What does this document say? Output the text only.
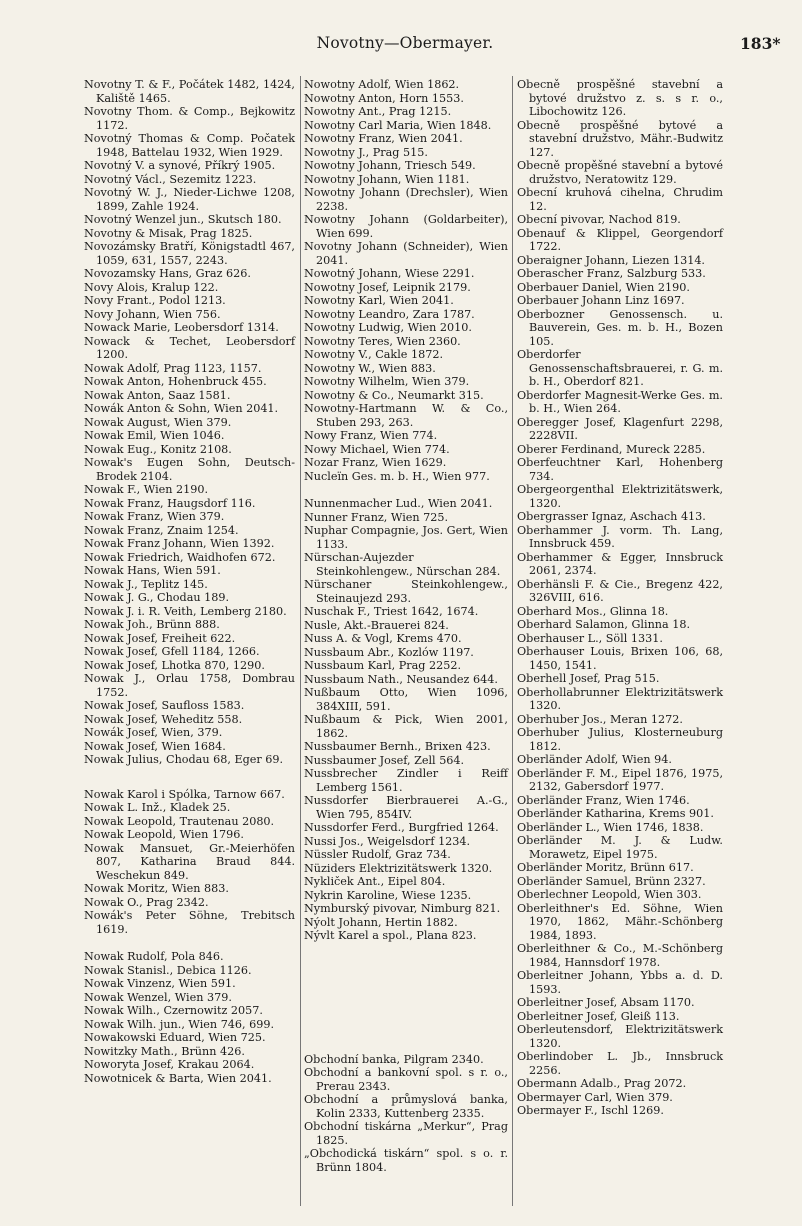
Novotny—Obermayer.	183*

Novotny T. & F., Počátek 1482, 1424, Kaliště 1465.

Novotny Thom. & Comp., Bejkowitz 1172.

Novotný Thomas & Comp. Počatek 1948, Battelau 1932, Wien 1929.

Novotný V. a synové, Příkrý 1905.

Novotný Václ., Sezemitz 1223.

Novotný W. J., Nieder-Lichwe 1208, 1899, Zahle 1924.

Novotný Wenzel jun., Skutsch 180.

Novotny & Misak, Prag 1825.

Novozámsky Bratří, Königstadtl 467, 1059, 631, 1557, 2243.

Novozamsky Hans, Graz 626.

Novy Alois, Kralup 122.

Novy Frant., Podol 1213.

Novy Johann, Wien 756.

Nowack Marie, Leobersdorf 1314.

Nowack & Techet, Leobersdorf 1200.

Nowak Adolf, Prag 1123, 1157.

Nowak Anton, Hohenbruck 455.

Nowak Anton, Saaz 1581.

Nowák Anton & Sohn, Wien 2041.

Nowak August, Wien 379.

Nowak Emil, Wien 1046.

Nowak Eug., Konitz 2108.

Nowak's Eugen Sohn, Deutsch-Brodek 2104.

Nowak F., Wien 2190.

Nowak Franz, Haugsdorf 116.

Nowak Franz, Wien 379.

Nowak Franz, Znaim 1254.

Nowak Franz Johann, Wien 1392.

Nowak Friedrich, Waidhofen 672.

Nowak Hans, Wien 591.

Nowak J., Teplitz 145.

Nowak J. G., Chodau 189.

Nowak J. i. R. Veith, Lemberg 2180.

Nowak Joh., Brünn 888.

Nowak Josef, Freiheit 622.

Nowak Josef, Gfell 1184, 1266.

Nowak Josef, Lhotka 870, 1290.

Nowak J., Orlau 1758, Dombrau 1752.

Nowak Josef, Saufloss 1583.

Nowak Josef, Weheditz 558.

Nowák Josef, Wien, 379.

Nowak Josef, Wien 1684.

Nowak Julius, Chodau 68, Eger 69.

Nowak Karol i Spólka, Tarnow 667.

Nowak L. Inž., Kladek 25.

Nowak Leopold, Trautenau 2080.

Nowak Leopold, Wien 1796.

Nowak Mansuet, Gr.-Meierhöfen 807, Katharina Braud 844. Weschekun 849.

Nowak Moritz, Wien 883.

Nowak O., Prag 2342.

Nowák's Peter Söhne, Trebitsch 1619.

Nowak Rudolf, Pola 846.

Nowak Stanisl., Debica 1126.

Nowak Vinzenz, Wien 591.

Nowak Wenzel, Wien 379.

Nowak Wilh., Czernowitz 2057.

Nowak Wilh. jun., Wien 746, 699.

Nowakowski Eduard, Wien 725.

Nowitzky Math., Brünn 426.

Noworyta Josef, Krakau 2064.

Nowotnicek & Barta, Wien 2041.

Nowotny Adolf, Wien 1862.

Nowotny Anton, Horn 1553.

Nowotny Ant., Prag 1215.

Nowotny Carl Maria, Wien 1848.

Nowotny Franz, Wien 2041.

Nowotny J., Prag 515.

Nowotny Johann, Triesch 549.

Nowotny Johann, Wien 1181.

Nowotny Johann (Drechsler), Wien 2238.

Nowotny Johann (Goldarbeiter), Wien 699.

Novotny Johann (Schneider), Wien 2041.

Nowotný Johann, Wiese 2291.

Nowotny Josef, Leipnik 2179.

Nowotny Karl, Wien 2041.

Nowotny Leandro, Zara 1787.

Nowotny Ludwig, Wien 2010.

Nowotny Teres, Wien 2360.

Nowotny V., Cakle 1872.

Nowotny W., Wien 883.

Nowotny Wilhelm, Wien 379.

Nowotny & Co., Neumarkt 315.

Nowotny-Hartmann W. & Co., Stuben 293, 263.

Nowy Franz, Wien 774.

Nowy Michael, Wien 774.

Nozar Franz, Wien 1629.

Nucleïn Ges. m. b. H., Wien 977.

Nunnenmacher Lud., Wien 2041.

Nunner Franz, Wien 725.

Nuphar Compagnie, Jos. Gert, Wien 1133.

Nürschan-Aujezder Steinkohlengew., Nürschan 284.

Nürschaner Steinkohlengew., Steinaujezd 293.

Nuschak F., Triest 1642, 1674.

Nusle, Akt.-Brauerei 824.

Nuss A. & Vogl, Krems 470.

Nussbaum Abr., Kozlów 1197.

Nussbaum Karl, Prag 2252.

Nussbaum Nath., Neusandez 644.

Nußbaum Otto, Wien 1096, 384XIII, 591.

Nußbaum & Pick, Wien 2001, 1862.

Nussbaumer Bernh., Brixen 423.

Nussbaumer Josef, Zell 564.

Nussbrecher Zindler i Reiff Lemberg 1561.

Nussdorfer Bierbrauerei A.-G., Wien 795, 854IV.

Nussdorfer Ferd., Burgfried 1264.

Nussi Jos., Weigelsdorf 1234.

Nüssler Rudolf, Graz 734.

Nüziders Elektrizitätswerk 1320.

Nykliček Ant., Eipel 804.

Nykrin Karoline, Wiese 1235.

Nymburský pivovar, Nimburg 821.

Nýolt Johann, Hertin 1882.

Nývlt Karel a spol., Plana 823.

Obchodní banka, Pilgram 2340.

Obchodní a bankovní spol. s r. o., Prerau 2343.

Obchodní a průmyslová banka, Kolin 2333, Kuttenberg 2335.

Obchodní tiskárna „Merkur“, Prag 1825.

„Obchodická tiskárn“ spol. s o. r. Brünn 1804.

Obecně prospěšné stavební a bytové družstvo z. s. s r. o., Libochowitz 126.

Obecně prospěšné bytové a stavební družstvo, Mähr.-Budwitz 127.

Obecně propěšné stavební a bytové družstvo, Neratowitz 129.

Obecní kruhová cihelna, Chrudim 12.

Obecní pivovar, Nachod 819.

Obenauf & Klippel, Georgendorf 1722.

Oberaigner Johann, Liezen 1314.

Oberascher Franz, Salzburg 533.

Oberbauer Daniel, Wien 2190.

Oberbauer Johann Linz 1697.

Oberbozner Genossensch. u. Bauverein, Ges. m. b. H., Bozen 105.

Oberdorfer Genossenschaftsbrauerei, r. G. m. b. H., Oberdorf 821.

Oberdorfer Magnesit-Werke Ges. m. b. H., Wien 264.

Oberegger Josef, Klagenfurt 2298, 2228VII.

Oberer Ferdinand, Mureck 2285.

Oberfeuchtner Karl, Hohenberg 734.

Obergeorgenthal Elektrizitätswerk, 1320.

Obergrasser Ignaz, Aschach 413.

Oberhammer J. vorm. Th. Lang, Innsbruck 459.

Oberhammer & Egger, Innsbruck 2061, 2374.

Oberhänsli F. & Cie., Bregenz 422, 326VIII, 616.

Oberhard Mos., Glinna 18.

Oberhard Salamon, Glinna 18.

Oberhauser L., Söll 1331.

Oberhauser Louis, Brixen 106, 68, 1450, 1541.

Oberhell Josef, Prag 515.

Oberhollabrunner Elektrizitätswerk 1320.

Oberhuber Jos., Meran 1272.

Oberhuber Julius, Klosterneuburg 1812.

Oberländer Adolf, Wien 94.

Oberländer F. M., Eipel 1876, 1975, 2132, Gabersdorf 1977.

Oberländer Franz, Wien 1746.

Oberländer Katharina, Krems 901.

Oberländer L., Wien 1746, 1838.

Oberländer M. J. & Ludw. Morawetz, Eipel 1975.

Oberländer Moritz, Brünn 617.

Oberländer Samuel, Brünn 2327.

Oberlechner Leopold, Wien 303.

Oberleithner's Ed. Söhne, Wien 1970, 1862, Mähr.-Schönberg 1984, 1893.

Oberleithner & Co., M.-Schönberg 1984, Hannsdorf 1978.

Oberleitner Johann, Ybbs a. d. D. 1593.

Oberleitner Josef, Absam 1170.

Oberleitner Josef, Gleiß 113.

Oberleutensdorf, Elektrizitätswerk 1320.

Oberlindober L. Jb., Innsbruck 2256.

Obermann Adalb., Prag 2072.

Obermayer Carl, Wien 379.

Obermayer F., Ischl 1269.
